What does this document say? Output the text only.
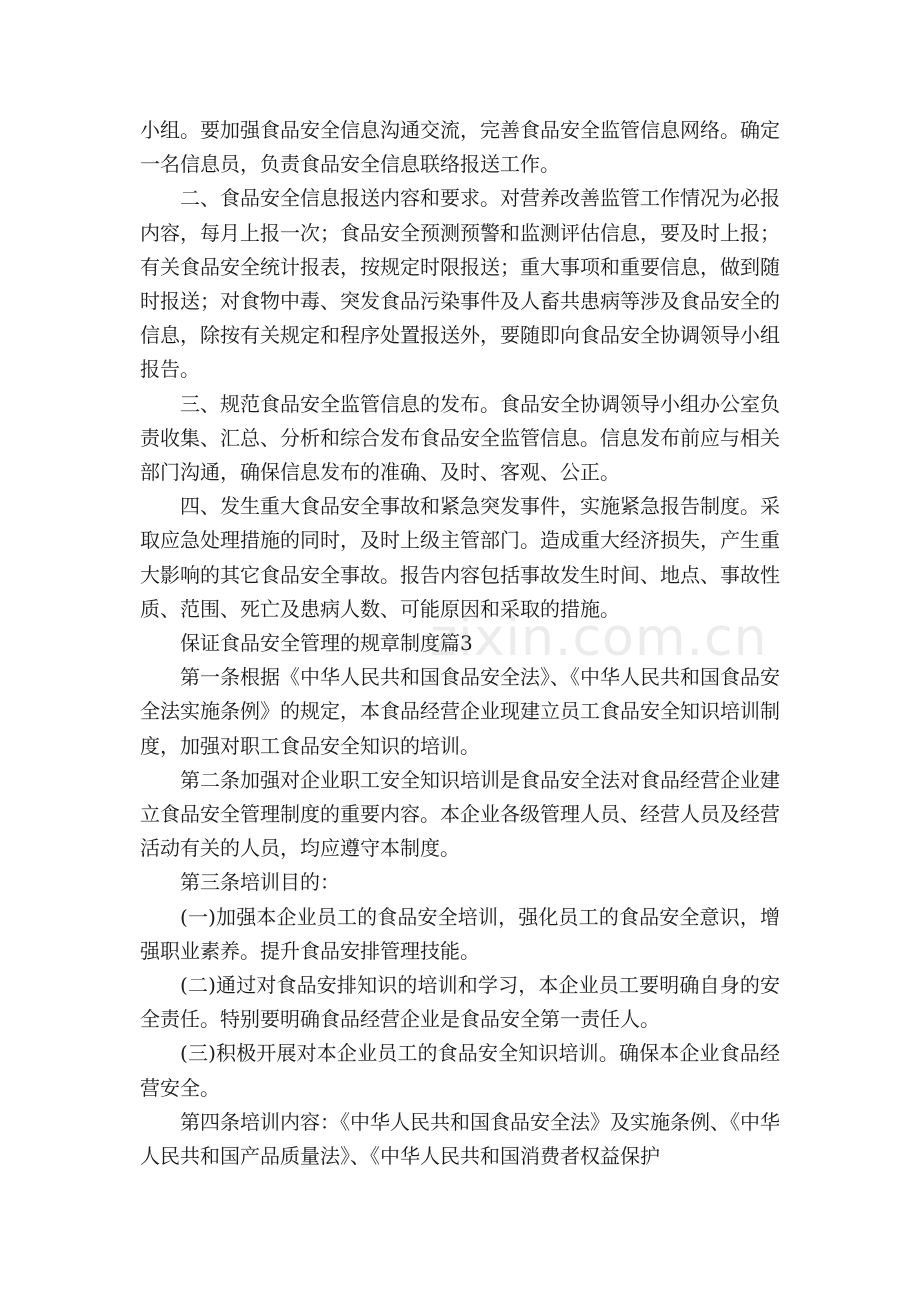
小组。要加强食品安全信息沟通交流，完善食品安全监管信息网络。确定一名信息员，负责食品安全信息联络报送工作。

二、食品安全信息报送内容和要求。对营养改善监管工作情况为必报内容，每月上报一次；食品安全预测预警和监测评估信息，要及时上报；有关食品安全统计报表，按规定时限报送；重大事项和重要信息，做到随时报送；对食物中毒、突发食品污染事件及人畜共患病等涉及食品安全的信息，除按有关规定和程序处置报送外，要随即向食品安全协调领导小组报告。

三、规范食品安全监管信息的发布。食品安全协调领导小组办公室负责收集、汇总、分析和综合发布食品安全监管信息。信息发布前应与相关部门沟通，确保信息发布的准确、及时、客观、公正。

四、发生重大食品安全事故和紧急突发事件，实施紧急报告制度。采取应急处理措施的同时，及时上级主管部门。造成重大经济损失，产生重大影响的其它食品安全事故。报告内容包括事故发生时间、地点、事故性质、范围、死亡及患病人数、可能原因和采取的措施。

保证食品安全管理的规章制度篇3

第一条根据《中华人民共和国食品安全法》、《中华人民共和国食品安全法实施条例》的规定，本食品经营企业现建立员工食品安全知识培训制度，加强对职工食品安全知识的培训。

第二条加强对企业职工安全知识培训是食品安全法对食品经营企业建立食品安全管理制度的重要内容。本企业各级管理人员、经营人员及经营活动有关的人员，均应遵守本制度。

第三条培训目的：

(一)加强本企业员工的食品安全培训，强化员工的食品安全意识，增强职业素养。提升食品安排管理技能。

(二)通过对食品安排知识的培训和学习，本企业员工要明确自身的安全责任。特别要明确食品经营企业是食品安全第一责任人。

(三)积极开展对本企业员工的食品安全知识培训。确保本企业食品经营安全。

第四条培训内容：《中华人民共和国食品安全法》及实施条例、《中华人民共和国产品质量法》、《中华人民共和国消费者权益保护

zixin.com.cn
